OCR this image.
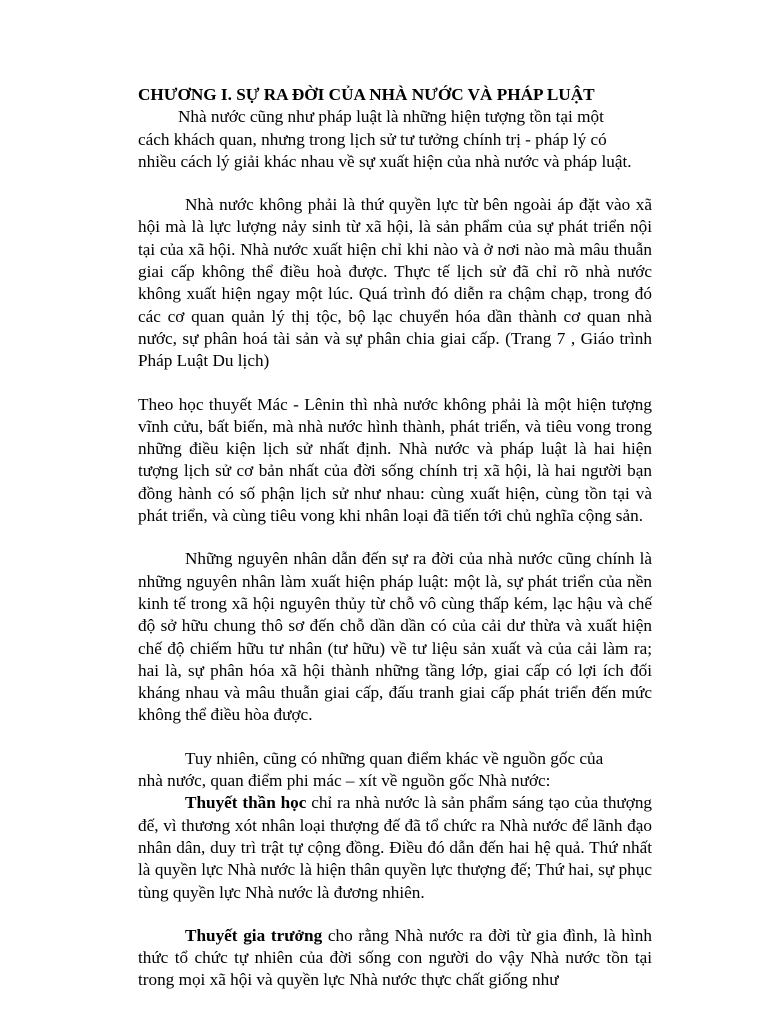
CHƯƠNG I. SỰ RA ĐỜI CỦA NHÀ NƯỚC VÀ PHÁP LUẬT

Nhà nước cũng như pháp luật là những hiện tượng tồn tại một cách khách quan, nhưng trong lịch sử tư tưởng chính trị - pháp lý có nhiều cách lý giải khác nhau về sự xuất hiện của nhà nước và pháp luật.

Nhà nước không phải là thứ quyền lực từ bên ngoài áp đặt vào xã hội mà là lực lượng nảy sinh từ xã hội, là sản phẩm của sự phát triển nội tại của xã hội. Nhà nước xuất hiện chỉ khi nào và ở nơi nào mà mâu thuẫn giai cấp không thể điều hoà được. Thực tế lịch sử đã chỉ rõ nhà nước không xuất hiện ngay một lúc. Quá trình đó diễn ra chậm chạp, trong đó các cơ quan quản lý thị tộc, bộ lạc chuyển hóa dần thành cơ quan nhà nước, sự phân hoá tài sản và sự phân chia giai cấp. (Trang 7 , Giáo trình Pháp Luật Du lịch)

Theo học thuyết Mác - Lênin thì nhà nước không phải là một hiện tượng vĩnh cửu, bất biến, mà nhà nước hình thành, phát triển, và tiêu vong trong những điều kiện lịch sử nhất định. Nhà nước và pháp luật là hai hiện tượng lịch sử cơ bản nhất của đời sống chính trị xã hội, là hai người bạn đồng hành có số phận lịch sử như nhau: cùng xuất hiện, cùng tồn tại và phát triển, và cùng tiêu vong khi nhân loại đã tiến tới chủ nghĩa cộng sản.

Những nguyên nhân dẫn đến sự ra đời của nhà nước cũng chính là những nguyên nhân làm xuất hiện pháp luật: một là, sự phát triển của nền kinh tế trong xã hội nguyên thủy từ chỗ vô cùng thấp kém, lạc hậu và chế độ sở hữu chung thô sơ đến chỗ dần dần có của cải dư thừa và xuất hiện chế độ chiếm hữu tư nhân (tư hữu) về tư liệu sản xuất và của cải làm ra; hai là, sự phân hóa xã hội thành những tầng lớp, giai cấp có lợi ích đối kháng nhau và mâu thuẫn giai cấp, đấu tranh giai cấp phát triển đến mức không thể điều hòa được.

Tuy nhiên, cũng có những quan điểm khác về nguồn gốc của

nhà nước, quan điểm phi mác – xít về nguồn gốc Nhà nước:

Thuyết thần học chỉ ra nhà nước là sản phẩm sáng tạo của thượng đế, vì thương xót nhân loại thượng đế đã tổ chức ra Nhà nước để lãnh đạo nhân dân, duy trì trật tự cộng đồng. Điều đó dẫn đến hai hệ quả. Thứ nhất là quyền lực Nhà nước là hiện thân quyền lực thượng đế; Thứ hai, sự phục tùng quyền lực Nhà nước là đương nhiên.

Thuyết gia trưởng cho rằng Nhà nước ra đời từ gia đình, là hình thức tổ chức tự nhiên của đời sống con người do vậy Nhà nước tồn tại trong mọi xã hội và quyền lực Nhà nước thực chất giống như
